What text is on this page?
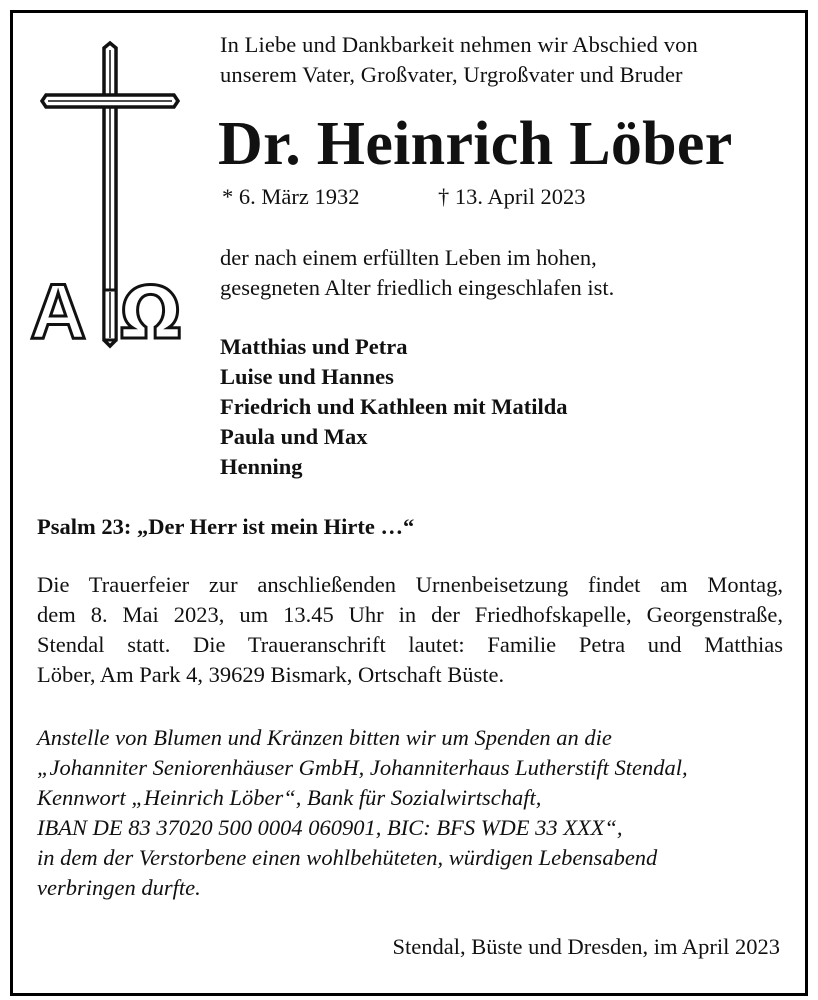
A Ω
In Liebe und Dankbarkeit nehmen wir Abschied von
unserem Vater, Großvater, Urgroßvater und Bruder
Dr. Heinrich Löber
* 6. März 1932	† 13. April 2023
der nach einem erfüllten Leben im hohen,
gesegneten Alter friedlich eingeschlafen ist.
Matthias und Petra
Luise und Hannes
Friedrich und Kathleen mit Matilda
Paula und Max
Henning
Psalm 23: „Der Herr ist mein Hirte …“
Die Trauerfeier zur anschließenden Urnenbeisetzung findet am Montag,
dem 8. Mai 2023, um 13.45 Uhr in der Friedhofskapelle, Georgenstraße,
Stendal statt. Die Traueranschrift lautet: Familie Petra und Matthias
Löber, Am Park 4, 39629 Bismark, Ortschaft Büste.
Anstelle von Blumen und Kränzen bitten wir um Spenden an die
„Johanniter Seniorenhäuser GmbH, Johanniterhaus Lutherstift Stendal,
Kennwort „Heinrich Löber“, Bank für Sozialwirtschaft,
IBAN DE 83 37020 500 0004 060901, BIC: BFS WDE 33 XXX“,
in dem der Verstorbene einen wohlbehüteten, würdigen Lebensabend
verbringen durfte.
Stendal, Büste und Dresden, im April 2023
